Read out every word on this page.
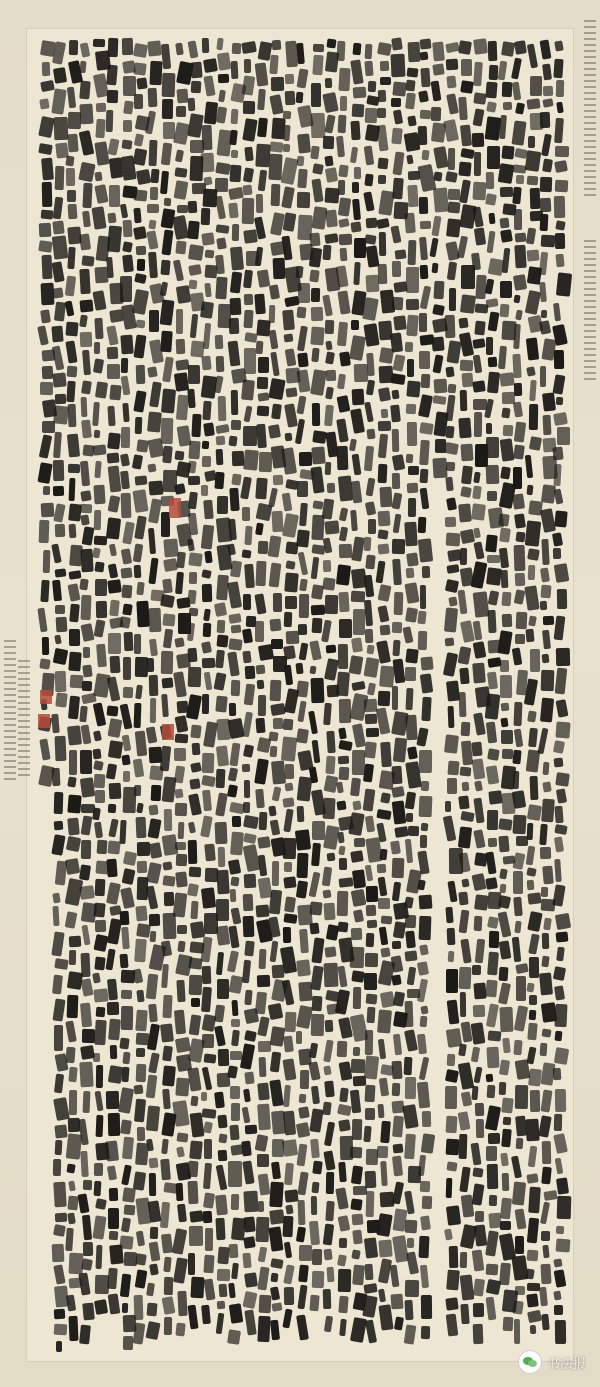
书法报
